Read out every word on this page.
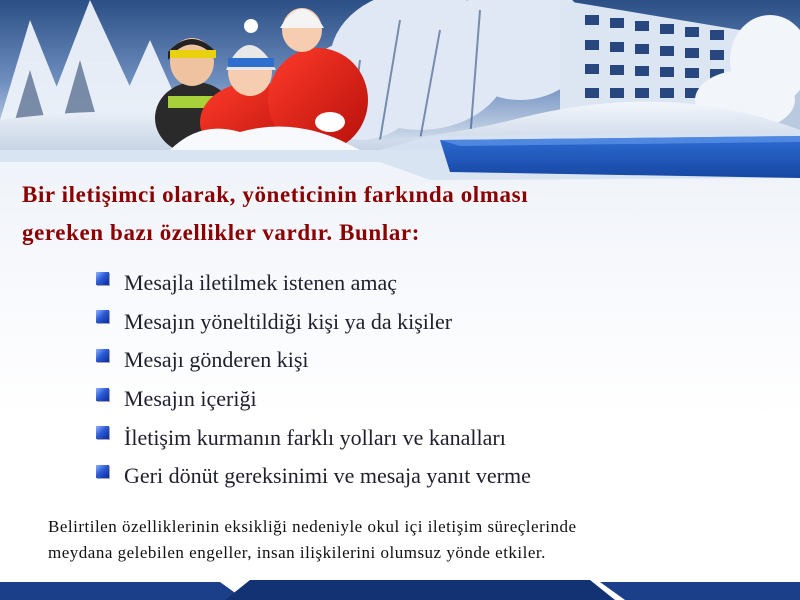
Bir iletişimci olarak, yöneticinin farkında olması
gereken bazı özellikler vardır. Bunlar:
Mesajla iletilmek istenen amaç
Mesajın yöneltildiği kişi ya da kişiler
Mesajı gönderen kişi
Mesajın içeriği
İletişim kurmanın farklı yolları ve kanalları
Geri dönüt gereksinimi ve mesaja yanıt verme
Belirtilen özelliklerinin eksikliği nedeniyle okul içi iletişim süreçlerinde
meydana gelebilen engeller, insan ilişkilerini olumsuz yönde etkiler.
